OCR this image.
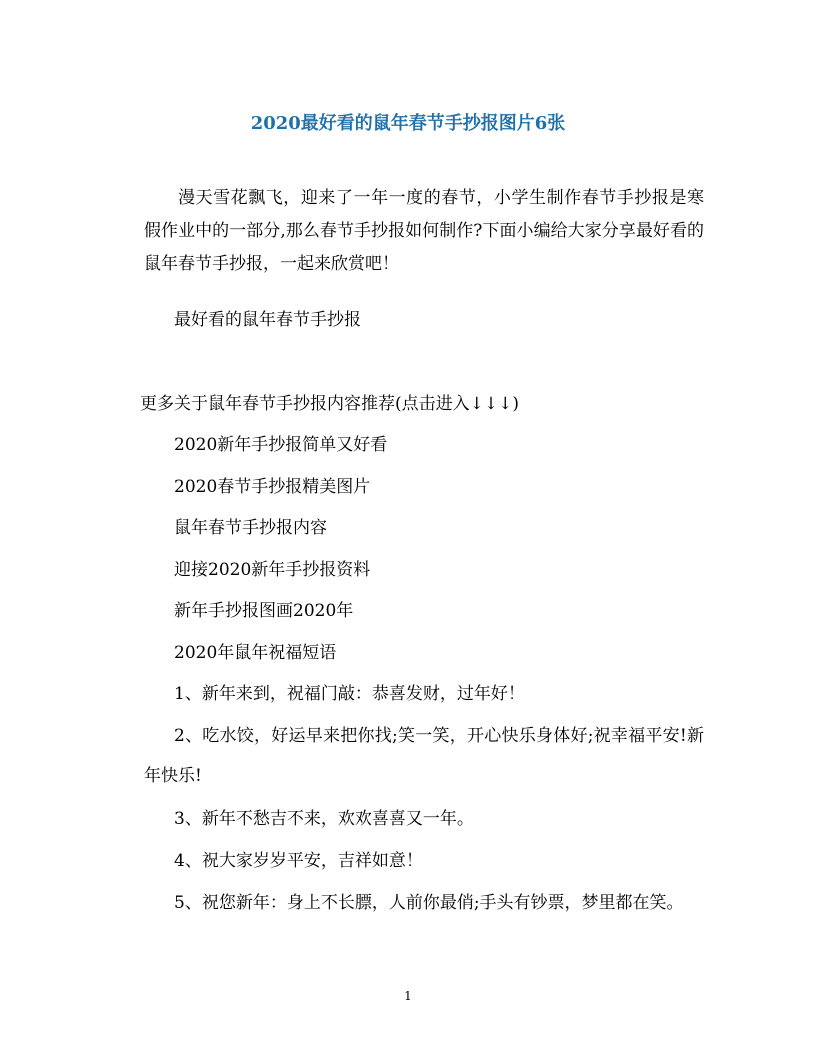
2020最好看的鼠年春节手抄报图片6张
漫天雪花飘飞，迎来了一年一度的春节，小学生制作春节手抄报是寒假作业中的一部分,那么春节手抄报如何制作?下面小编给大家分享最好看的鼠年春节手抄报，一起来欣赏吧！
最好看的鼠年春节手抄报
更多关于鼠年春节手抄报内容推荐(点击进入↓↓↓)
2020新年手抄报简单又好看
2020春节手抄报精美图片
鼠年春节手抄报内容
迎接2020新年手抄报资料
新年手抄报图画2020年
2020年鼠年祝福短语
1、新年来到，祝福门敲：恭喜发财，过年好！
2、吃水饺，好运早来把你找;笑一笑，开心快乐身体好;祝幸福平安!新年快乐!
3、新年不愁吉不来，欢欢喜喜又一年。
4、祝大家岁岁平安，吉祥如意！
5、祝您新年：身上不长膘，人前你最俏;手头有钞票，梦里都在笑。
1
